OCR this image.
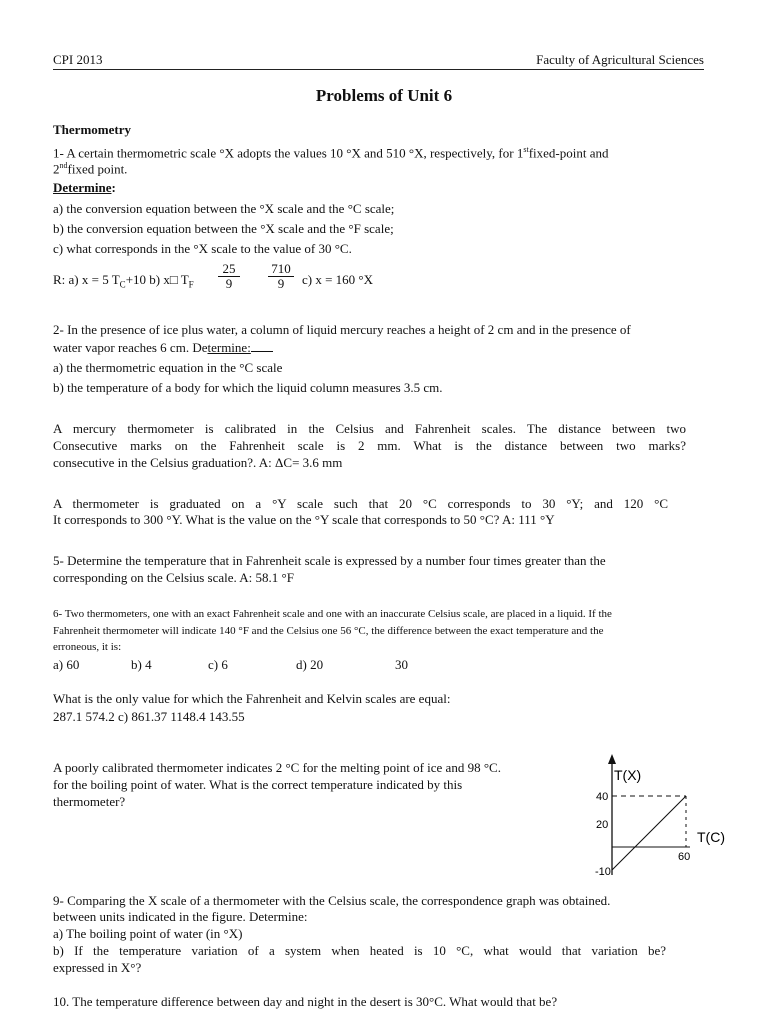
CPI 2013	Faculty of Agricultural Sciences
Problems of Unit 6
Thermometry
1- A certain thermometric scale °X adopts the values 10 °X and 510 °X, respectively, for 1stfixed-point and
2ndfixed point.
Determine:
a) the conversion equation between the °X scale and the °C scale;
b) the conversion equation between the °X scale and the °F scale;
c) what corresponds in the °X scale to the value of 30 °C.
R: a) x = 5 $T_C+10$ b) x□ $T_F \frac{25}{9} \frac{710}{9} c$) x = 160 °X
2- In the presence of ice plus water, a column of liquid mercury reaches a height of 2 cm and in the presence of
water vapor reaches 6 cm. Determine:
a) the thermometric equation in the °C scale
b) the temperature of a body for which the liquid column measures 3.5 cm.
A mercury thermometer is calibrated in the Celsius and Fahrenheit scales. The distance between two
Consecutive marks on the Fahrenheit scale is 2 mm. What is the distance between two marks?
consecutive in the Celsius graduation?. A: ΔC= 3.6 mm
A thermometer is graduated on a °Y scale such that 20 °C corresponds to 30 °Y; and 120 °C
It corresponds to 300 °Y. What is the value on the °Y scale that corresponds to 50 °C? A: 111 °Y
5- Determine the temperature that in Fahrenheit scale is expressed by a number four times greater than the
corresponding on the Celsius scale. A: 58.1 °F
6- Two thermometers, one with an exact Fahrenheit scale and one with an inaccurate Celsius scale, are placed in a liquid. If the
Fahrenheit thermometer will indicate 140 °F and the Celsius one 56 °C, the difference between the exact temperature and the
erroneous, it is:
a) 60	b) 4	c) 6	d) 20	30
What is the only value for which the Fahrenheit and Kelvin scales are equal:
287.1 574.2 c) 861.37 1148.4 143.55
A poorly calibrated thermometer indicates 2 °C for the melting point of ice and 98 °C.
for the boiling point of water. What is the correct temperature indicated by this
thermometer?
T(X)
T(C)
40
20
-10
60
9- Comparing the X scale of a thermometer with the Celsius scale, the correspondence graph was obtained.
between units indicated in the figure. Determine:
a) The boiling point of water (in °X)
b) If the temperature variation of a system when heated is 10 °C, what would that variation be?
expressed in X°?
10. The temperature difference between day and night in the desert is 30°C. What would that be?
